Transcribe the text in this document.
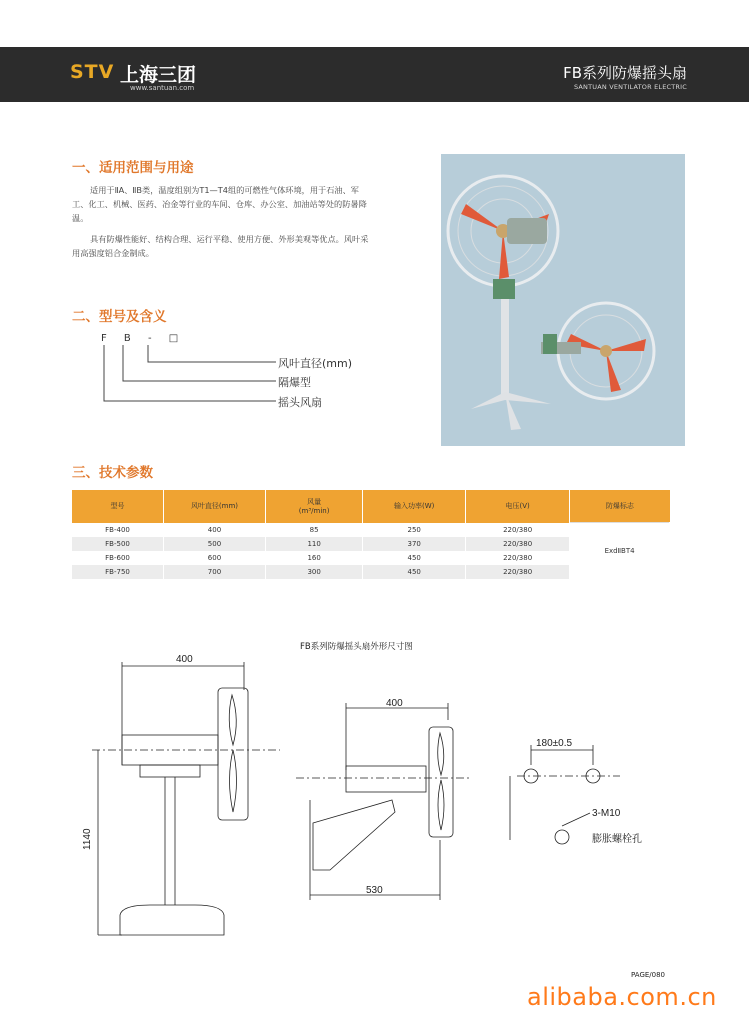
STV 上海三团
www.santuan.com
FB系列防爆摇头扇
SANTUAN VENTILATOR ELECTRIC
一、适用范围与用途
适用于ⅡA、ⅡB类，温度组别为T1—T4组的可燃性气体环境，用于石油、军
工、化工、机械、医药、冶金等行业的车间、仓库、办公室、加油站等处的防暑降
温。
具有防爆性能好、结构合理、运行平稳、使用方便、外形美观等优点。风叶采
用高强度铝合金制成。
二、型号及含义
F B - □
风叶直径(mm)
隔爆型
摇头风扇
三、技术参数
型号	风叶直径(mm)	风量
(m³/min)	输入功率(W)	电压(V)	防爆标志
FB-400	400	85	250	220/380	ExdⅡBT4
FB-500	500	110	370	220/380	
FB-600	600	160	450	220/380	
FB-750	700	300	450	220/380	
FB系列防爆摇头扇外形尺寸图
400
1140
400
530
180±0.5
3-M10
膨胀螺栓孔
PAGE/080
alibaba.com.cn
